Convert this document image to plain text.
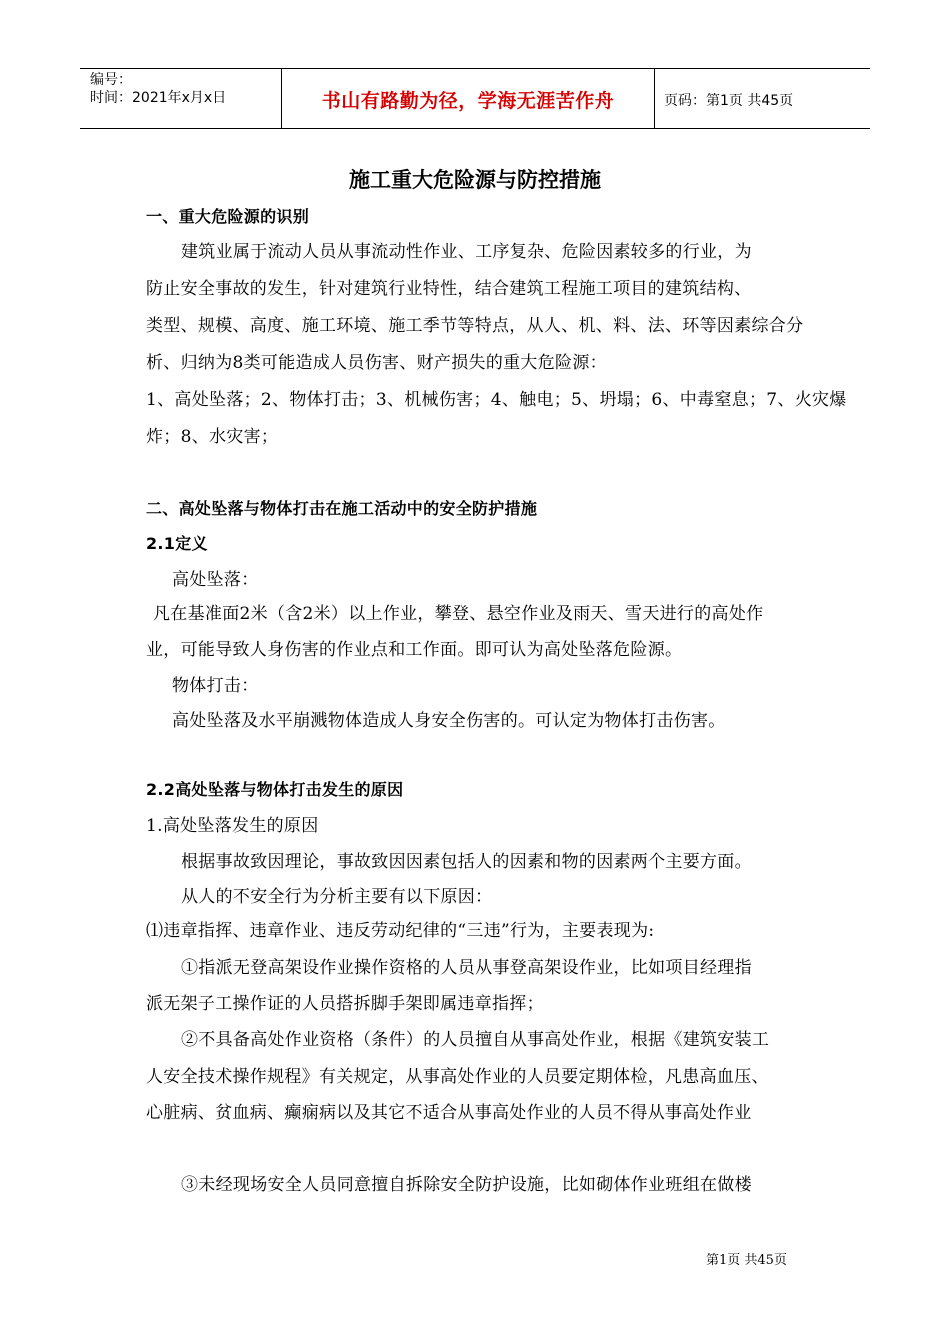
编号：
时间：2021年x月x日	书山有路勤为径，学海无涯苦作舟	页码：第1页 共45页
施工重大危险源与防控措施
一、重大危险源的识别
建筑业属于流动人员从事流动性作业、工序复杂、危险因素较多的行业，为
防止安全事故的发生，针对建筑行业特性，结合建筑工程施工项目的建筑结构、
类型、规模、高度、施工环境、施工季节等特点，从人、机、料、法、环等因素综合分
析、归纳为8类可能造成人员伤害、财产损失的重大危险源：
1、高处坠落；2、物体打击；3、机械伤害；4、触电；5、坍塌；6、中毒窒息；7、火灾爆
炸；8、水灾害；
二、高处坠落与物体打击在施工活动中的安全防护措施
2.1定义
高处坠落：
凡在基准面2米（含2米）以上作业，攀登、悬空作业及雨天、雪天进行的高处作
业，可能导致人身伤害的作业点和工作面。即可认为高处坠落危险源。
物体打击：
高处坠落及水平崩溅物体造成人身安全伤害的。可认定为物体打击伤害。
2.2高处坠落与物体打击发生的原因
1.高处坠落发生的原因
根据事故致因理论，事故致因因素包括人的因素和物的因素两个主要方面。
从人的不安全行为分析主要有以下原因：
⑴违章指挥、违章作业、违反劳动纪律的“三违”行为，主要表现为:
①指派无登高架设作业操作资格的人员从事登高架设作业，比如项目经理指
派无架子工操作证的人员搭拆脚手架即属违章指挥；
②不具备高处作业资格（条件）的人员擅自从事高处作业，根据《建筑安装工
人安全技术操作规程》有关规定，从事高处作业的人员要定期体检，凡患高血压、
心脏病、贫血病、癫痫病以及其它不适合从事高处作业的人员不得从事高处作业
③未经现场安全人员同意擅自拆除安全防护设施，比如砌体作业班组在做楼
第1页 共45页
